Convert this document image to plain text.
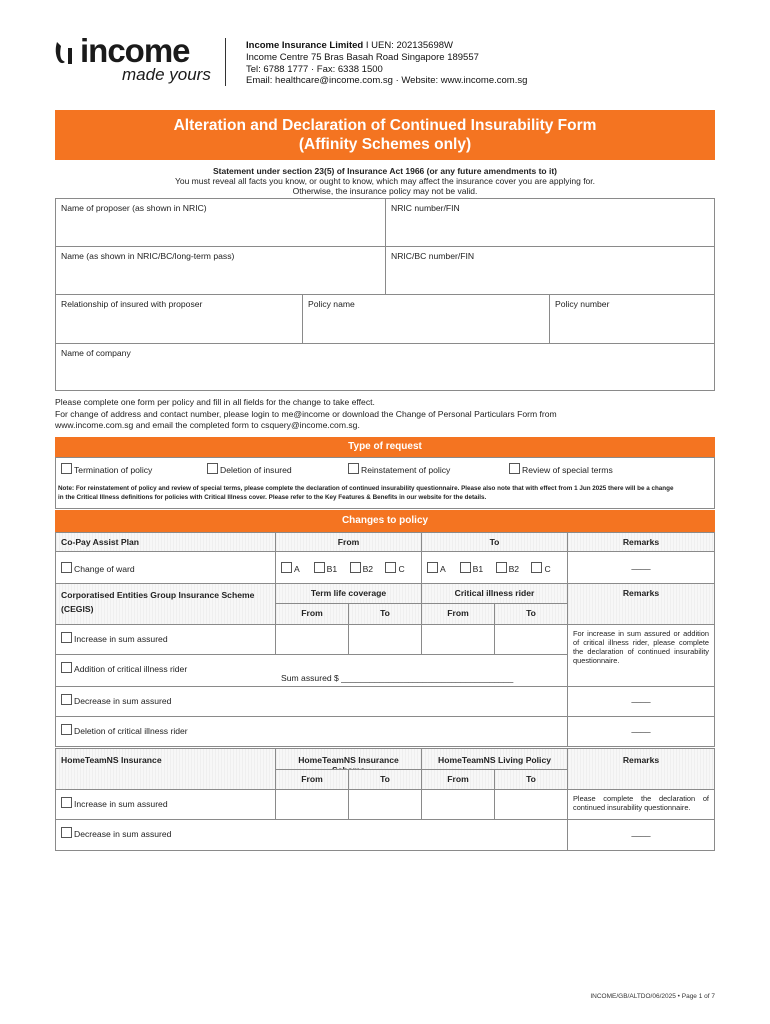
income
made yours
Income Insurance Limited I UEN: 202135698W
Income Centre 75 Bras Basah Road Singapore 189557
Tel: 6788 1777 · Fax: 6338 1500
Email: healthcare@income.com.sg · Website: www.income.com.sg
Alteration and Declaration of Continued Insurability Form
(Affinity Schemes only)
Statement under section 23(5) of Insurance Act 1966 (or any future amendments to it)
You must reveal all facts you know, or ought to know, which may affect the insurance cover you are applying for.
Otherwise, the insurance policy may not be valid.
Name of proposer (as shown in NRIC)	NRIC number/FIN
Name (as shown in NRIC/BC/long-term pass)	NRIC/BC number/FIN
Relationship of insured with proposer	Policy name	Policy number
Name of company
Please complete one form per policy and fill in all fields for the change to take effect.
For change of address and contact number, please login to me@income or download the Change of Personal Particulars Form from
www.income.com.sg and email the completed form to csquery@income.com.sg.
Type of request
Termination of policy	Deletion of insured	Reinstatement of policy	Review of special terms
Note: For reinstatement of policy and review of special terms, please complete the declaration of continued insurability questionnaire. Please also note that with effect from 1 Jun 2025 there will be a change
in the Critical Illness definitions for policies with Critical Illness cover. Please refer to the Key Features & Benefits in our website for the details.
Changes to policy
Co-Pay Assist Plan	From	To	Remarks
Change of ward	A	B1	B2	C	A	B1	B2	C	____
Corporatised Entities Group Insurance Scheme
(CEGIS)
Term life coverage	Critical illness rider	Remarks
From	To	From	To
Increase in sum assured
For increase in sum assured or addition of critical illness rider, please complete the declaration of continued insurability questionnaire.
Addition of critical illness rider
Sum assured $ ____________________________________
Decrease in sum assured	____
Deletion of critical illness rider	____
HomeTeamNS Insurance	HomeTeamNS Insurance	HomeTeamNS Living Policy	Remarks
From	To	From	To
Increase in sum assured
Please complete the declaration of continued insurability questionnaire.
Decrease in sum assured	____
INCOME/GB/ALTDO/06/2025 • Page 1 of 7
